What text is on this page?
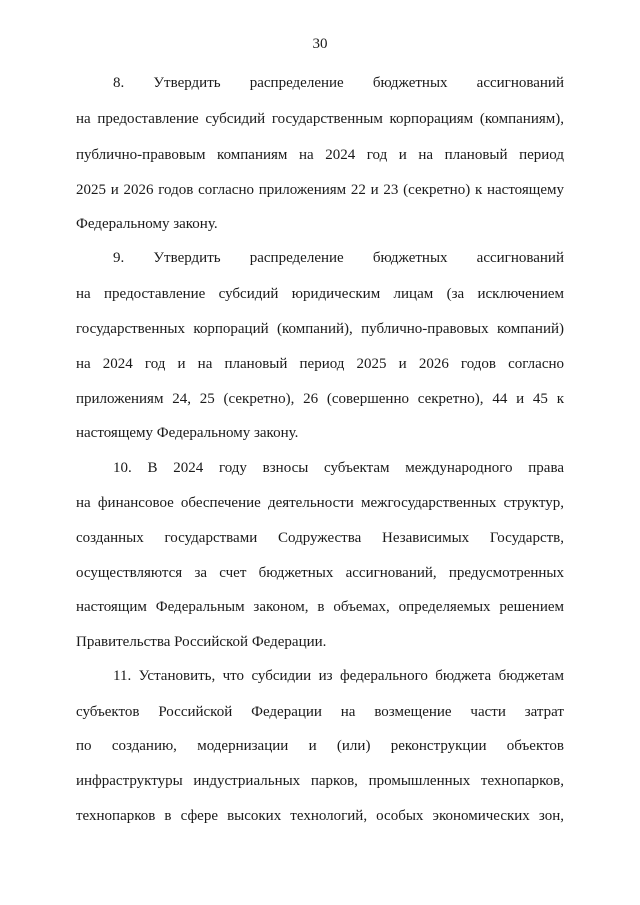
30
8. Утвердить распределение бюджетных ассигнований
на предоставление субсидий государственным корпорациям (компаниям),
публично-правовым компаниям на 2024 год и на плановый период
2025 и 2026 годов согласно приложениям 22 и 23 (секретно) к настоящему
Федеральному закону.
9. Утвердить распределение бюджетных ассигнований
на предоставление субсидий юридическим лицам (за исключением
государственных корпораций (компаний), публично-правовых компаний)
на 2024 год и на плановый период 2025 и 2026 годов согласно
приложениям 24, 25 (секретно), 26 (совершенно секретно), 44 и 45 к
настоящему Федеральному закону.
10. В 2024 году взносы субъектам международного права
на финансовое обеспечение деятельности межгосударственных структур,
созданных государствами Содружества Независимых Государств,
осуществляются за счет бюджетных ассигнований, предусмотренных
настоящим Федеральным законом, в объемах, определяемых решением
Правительства Российской Федерации.
11. Установить, что субсидии из федерального бюджета бюджетам
субъектов Российской Федерации на возмещение части затрат
по созданию, модернизации и (или) реконструкции объектов
инфраструктуры индустриальных парков, промышленных технопарков,
технопарков в сфере высоких технологий, особых экономических зон,
